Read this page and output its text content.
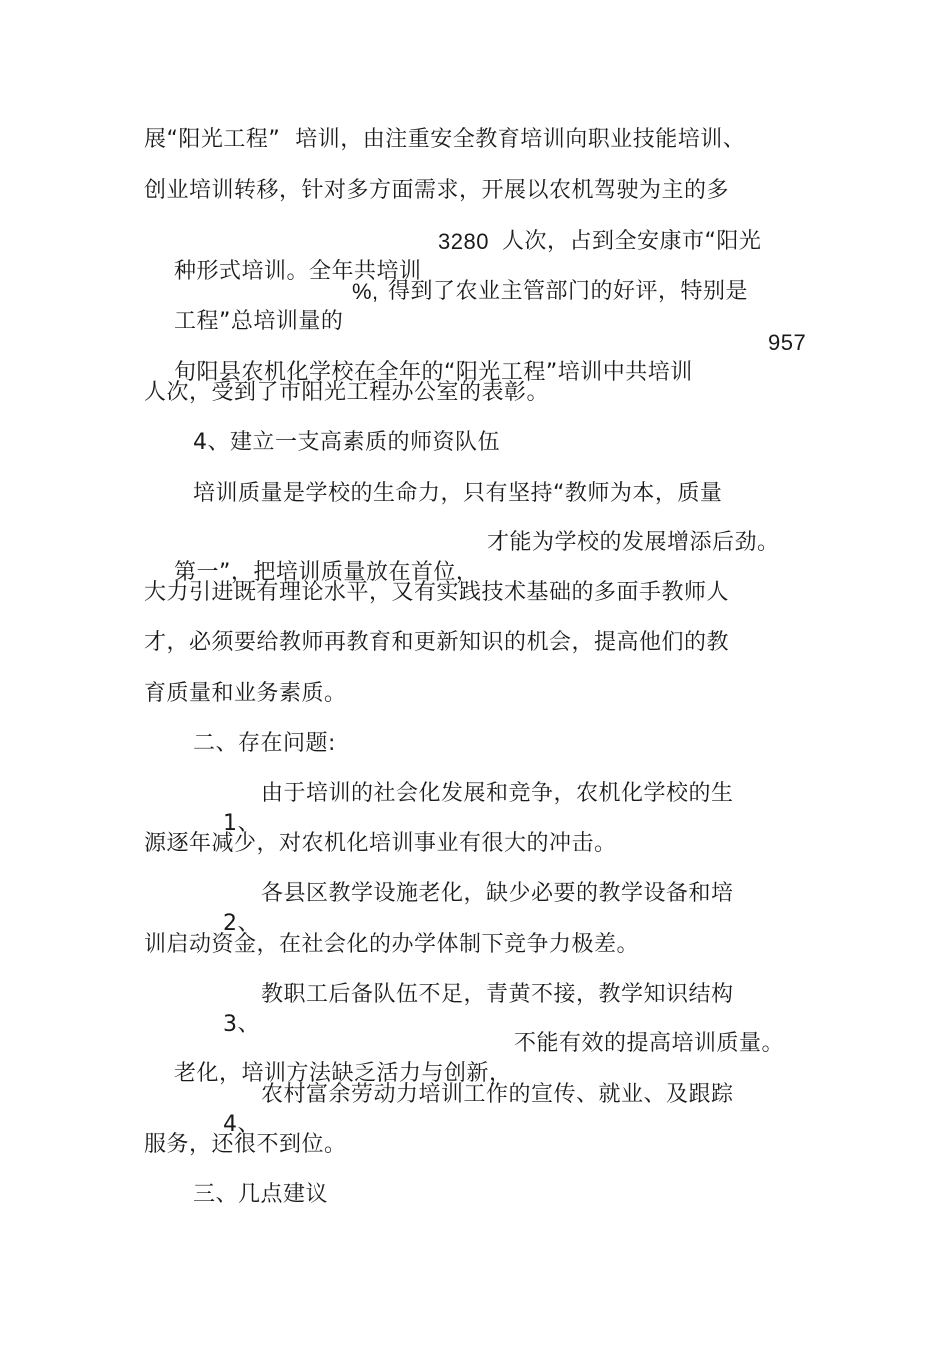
展“阳光工程”  培训，由注重安全教育培训向职业技能培训、
创业培训转移，针对多方面需求，开展以农机驾驶为主的多

种形式培训。全年共培训

3280

人次，占到全安康市“阳光

工程”总培训量的

%,

得到了农业主管部门的好评，特别是

旬阳县农机化学校在全年的“阳光工程”培训中共培训

957

人次，受到了市阳光工程办公室的表彰。
4、建立一支高素质的师资队伍
培训质量是学校的生命力，只有坚持“教师为本，质量

第一”，把培训质量放在首位，

才能为学校的发展增添后劲。

大力引进既有理论水平，又有实践技术基础的多面手教师人
才，必须要给教师再教育和更新知识的机会，提高他们的教
育质量和业务素质。
二、存在问题:

1、

由于培训的社会化发展和竞争，农机化学校的生

源逐年减少，对农机化培训事业有很大的冲击。

2、

各县区教学设施老化，缺少必要的教学设备和培

训启动资金，在社会化的办学体制下竞争力极差。

3、

教职工后备队伍不足，青黄不接，教学知识结构

老化，培训方法缺乏活力与创新，

不能有效的提高培训质量。

4、

农村富余劳动力培训工作的宣传、就业、及跟踪

服务，还很不到位。
三、几点建议
